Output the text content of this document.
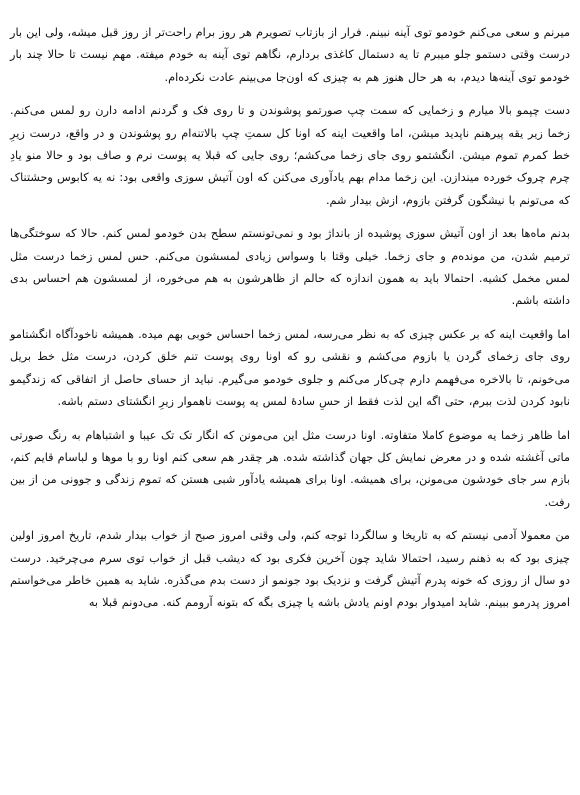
میرنم و سعی می‌کنم خودمو توی آینه نبینم. فرار از بازتاب تصویرم هر روز برام راحت‌تر از روز قبل میشه، ولی این بار درست وقتی دستمو جلو میبرم تا یه دستمال کاغذی بردارم، نگاهم توی آینه به خودم میفته. مهم نیست تا حالا چند بار خودمو توی آینه‌ها دیدم، به هر حال هنوز هم به چیزی که اون‌جا می‌بینم عادت نکرده‌ام.

دست چپمو بالا میارم و زخمایی که سمت چپ صورتمو پوشوندن و تا روی فک و گردنم ادامه دارن رو لمس می‌کنم. زخما زیر یقه پیرهنم ناپدید میشن، اما واقعیت اینه که اونا کل سمتِ چپ بالاتنه‌ام رو پوشوندن و در واقع، درست زیرِ خط کمرم تموم میشن. انگشتمو روی جای زخما می‌کشم؛ روی جایی که قبلا یه پوست نرم و صاف بود و حالا منو یادِ چرم چروک خورده میندازن. این زخما مدام بهم یادآوری می‌کنن که اون آتیش سوزی واقعی بود: نه یه کابوس وحشتناک که می‌تونم با نیشگون گرفتن بازوم، ازش بیدار شم.

بدنم ماه‌ها بعد از اون آتیش سوزی پوشیده از باندا‌ژ بود و نمی‌تونستم سطح بدن خودمو لمس کنم. حالا که سوختگی‌ها ترمیم شدن، من مونده‌م و جای زخما. خیلی وقتا با وسواس زیادی لمسشون می‌کنم. حس لمس زخما درست مثل لمس مخمل کشیه. احتمالا باید به همون اندازه که حالم از ظاهرشون به هم می‌خوره، از لمسشون هم احساس بدی داشته باشم.

اما واقعیت اینه که بر عکس چیزی که به نظر می‌رسه، لمس زخما احساس خوبی بهم میده. همیشه ناخودآگاه انگشتامو روی جای زخمای گردن یا بازوم می‌کشم و نقشی رو که اونا روی پوست تنم خلق کردن، درست مثل خط بریل می‌خونم، تا بالاخره می‌فهمم دارم چی‌کار می‌کنم و جلوی خودمو می‌گیرم. نباید از حسای حاصل از اتفاقی که زندگیمو نابود کردن لذت ببرم، حتی اگه این لذت فقط از حسِ سادهٔ لمس یه پوست ناهموار زیرِ انگشتای دستم باشه.

اما ظاهر زخما یه موضوع کاملا متفاوته. اونا درست مثل این می‌مونن که انگار تک تک عیبا و اشتباهام به رنگ صورتی ماتی آغشته شده و در معرض نمایش کل جهان گذاشته شده. هر چقدر هم سعی کنم اونا رو با موها و لباسام قایم کنم، بازم سر جای خودشون می‌مونن، برای همیشه. اونا برای همیشه یادآور شبی هستن که تموم زندگی و جوونی من از بین رفت.

من معمولا آدمی نیستم که به تاریخا و سالگردا توجه کنم، ولی وقتی امروز صبح از خواب بیدار شدم، تاریخ امروز اولین چیزی بود که به ذهنم رسید، احتمالا شاید چون آخرین فکری بود که دیشب قبل از خواب توی سرم می‌چرخید. درست دو سال از روزی که خونه پدرم آتیش گرفت و نزدیک بود جونمو از دست بدم می‌گذره. شاید به همین خاطر می‌خواستم امروز پدرمو ببینم. شاید امیدوار بودم اونم یادش باشه یا چیزی بگه که بتونه آرومم کنه. می‌دونم قبلا به
